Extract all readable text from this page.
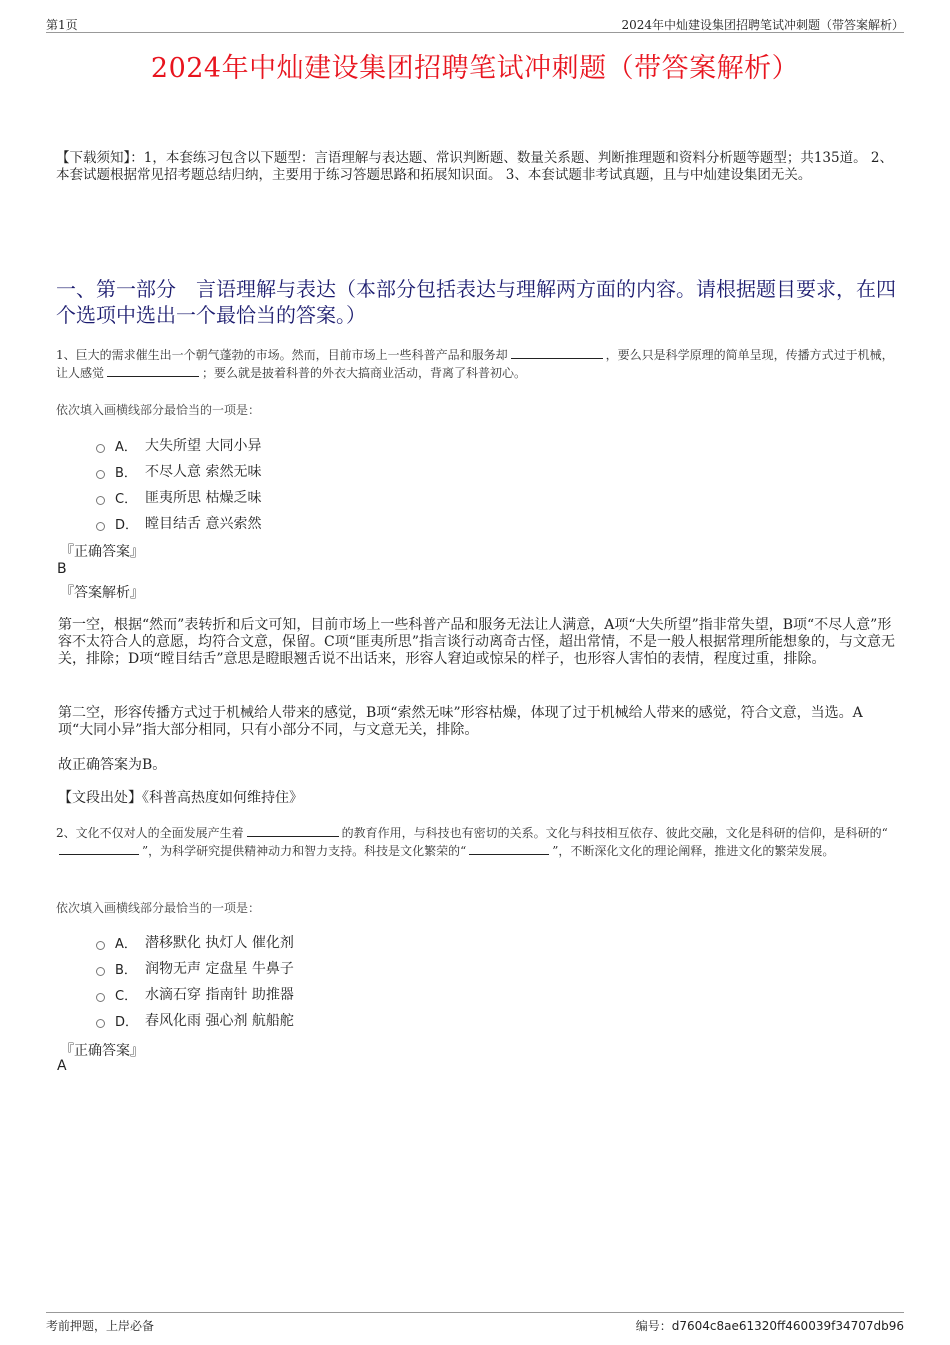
第1页	2024年中灿建设集团招聘笔试冲刺题（带答案解析）
2024年中灿建设集团招聘笔试冲刺题（带答案解析）
【下载须知】：1，本套练习包含以下题型：言语理解与表达题、常识判断题、数量关系题、判断推理题和资料分析题等题型；共135道。 2、本套试题根据常见招考题总结归纳，主要用于练习答题思路和拓展知识面。 3、本套试题非考试真题，且与中灿建设集团无关。
一、第一部分　言语理解与表达（本部分包括表达与理解两方面的内容。请根据题目要求，在四个选项中选出一个最恰当的答案。）
1、巨大的需求催生出一个朝气蓬勃的市场。然而，目前市场上一些科普产品和服务却	，要么只是科学原理的简单呈现，传播方式过于机械，让人感觉	；要么就是披着科普的外衣大搞商业活动，背离了科普初心。
依次填入画横线部分最恰当的一项是：
A． 大失所望 大同小异
B． 不尽人意 索然无味
C． 匪夷所思 枯燥乏味
D． 瞠目结舌 意兴索然
『正确答案』
B
『答案解析』
第一空，根据“然而”表转折和后文可知，目前市场上一些科普产品和服务无法让人满意，A项“大失所望”指非常失望，B项“不尽人意”形容不太符合人的意愿，均符合文意，保留。C项“匪夷所思”指言谈行动离奇古怪，超出常情，不是一般人根据常理所能想象的，与文意无关，排除；D项“瞠目结舌”意思是瞪眼翘舌说不出话来，形容人窘迫或惊呆的样子，也形容人害怕的表情，程度过重，排除。
第二空，形容传播方式过于机械给人带来的感觉，B项“索然无味”形容枯燥，体现了过于机械给人带来的感觉，符合文意，当选。A项“大同小异”指大部分相同，只有小部分不同，与文意无关，排除。
故正确答案为B。
【文段出处】《科普高热度如何维持住》
2、文化不仅对人的全面发展产生着	的教育作用，与科技也有密切的关系。文化与科技相互依存、彼此交融，文化是科研的信仰，是科研的“”，为科学研究提供精神动力和智力支持。科技是文化繁荣的“	”，不断深化文化的理论阐释，推进文化的繁荣发展。
依次填入画横线部分最恰当的一项是：
A． 潜移默化 执灯人 催化剂
B． 润物无声 定盘星 牛鼻子
C． 水滴石穿 指南针 助推器
D． 春风化雨 强心剂 航船舵
『正确答案』
A
考前押题，上岸必备	编号：d7604c8ae61320ff460039f34707db96
